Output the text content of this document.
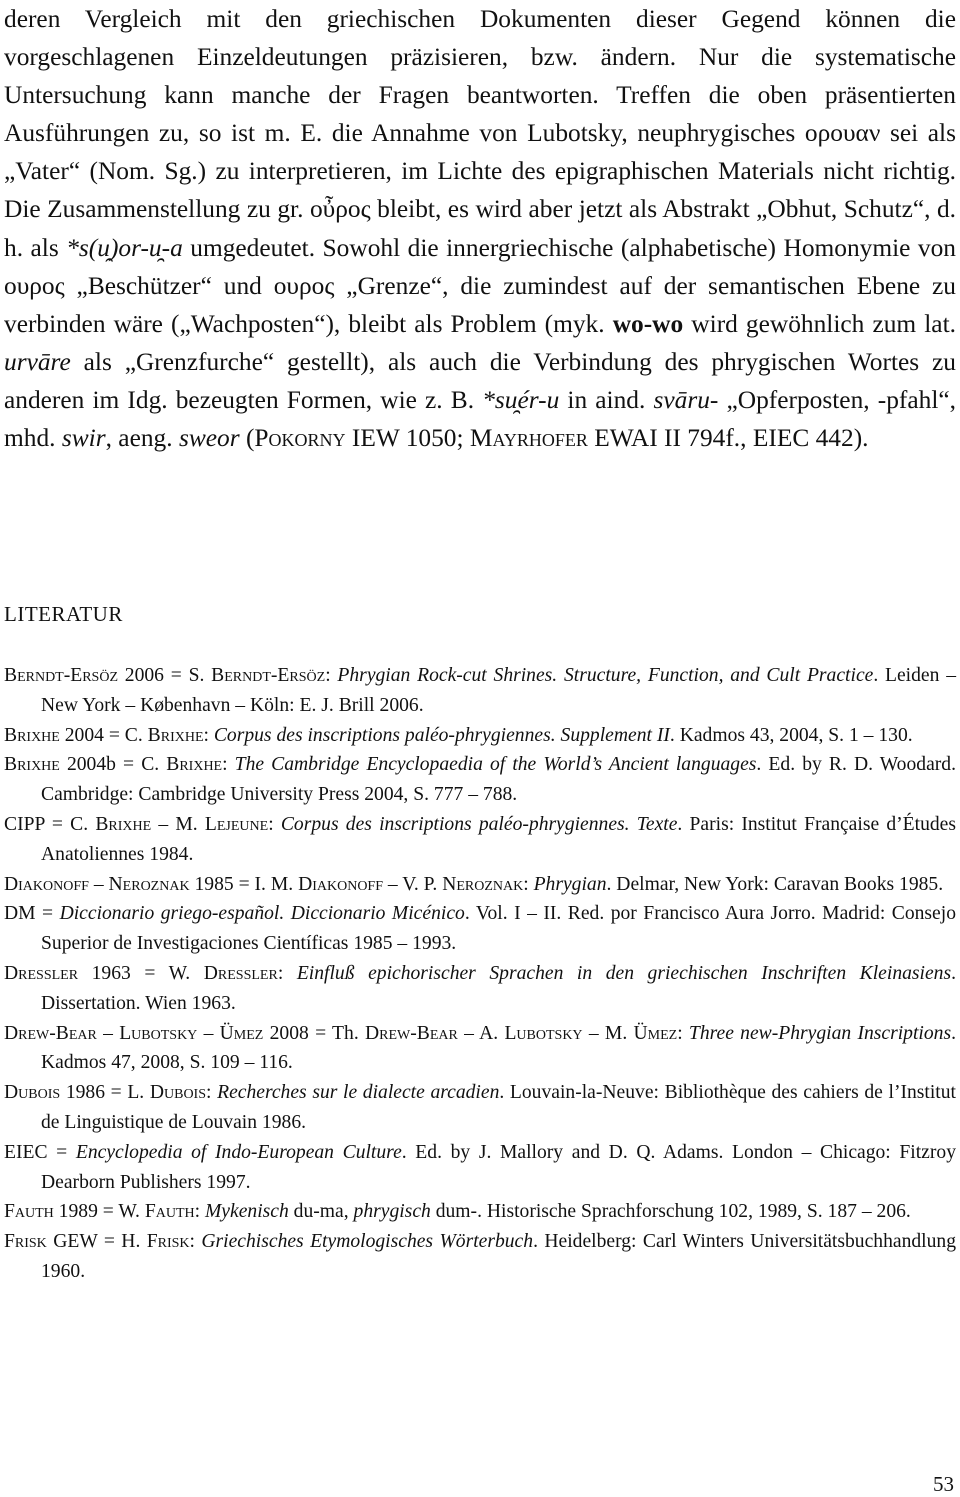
deren Vergleich mit den griechischen Dokumenten dieser Gegend können die vorgeschlagenen Einzeldeutungen präzisieren, bzw. ändern. Nur die systematische Untersuchung kann manche der Fragen beantworten. Treffen die oben präsentierten Ausführungen zu, so ist m. E. die Annahme von Lubotsky, neuphrygisches ορουαν sei als „Vater“ (Nom. Sg.) zu interpretieren, im Lichte des epigraphischen Materials nicht richtig. Die Zusammenstellung zu gr. οὖρος bleibt, es wird aber jetzt als Abstrakt „Obhut, Schutz“, d. h. als *s(u̯)or-u̯-a umgedeutet. Sowohl die innergriechische (alphabetische) Homonymie von ουρος „Beschützer“ und ουρος „Grenze“, die zumindest auf der semantischen Ebene zu verbinden wäre („Wachposten“), bleibt als Problem (myk. wo-wo wird gewöhnlich zum lat. urvāre als „Grenzfurche“ gestellt), als auch die Verbindung des phrygischen Wortes zu anderen im Idg. bezeugten Formen, wie z. B. *su̯ér-u in aind. svāru- „Opferposten, -pfahl“, mhd. swir, aeng. sweor (Pokorny IEW 1050; Mayrhofer EWAI II 794f., EIEC 442).

LITERATUR

Berndt-Ersöz 2006 = S. Berndt-Ersöz: Phrygian Rock-cut Shrines. Structure, Function, and Cult Practice. Leiden – New York – København – Köln: E. J. Brill 2006.

Brixhe 2004 = C. Brixhe: Corpus des inscriptions paléo-phrygiennes. Supplement II. Kadmos 43, 2004, S. 1 – 130.

Brixhe 2004b = C. Brixhe: The Cambridge Encyclopaedia of the World’s Ancient languages. Ed. by R. D. Woodard. Cambridge: Cambridge University Press 2004, S. 777 – 788.

CIPP = C. Brixhe – M. Lejeune: Corpus des inscriptions paléo-phrygiennes. Texte. Paris: Institut Française d’Études Anatoliennes 1984.

Diakonoff – Neroznak 1985 = I. M. Diakonoff – V. P. Neroznak: Phrygian. Delmar, New York: Caravan Books 1985.

DM = Diccionario griego-español. Diccionario Micénico. Vol. I – II. Red. por Francisco Aura Jorro. Madrid: Consejo Superior de Investigaciones Científicas 1985 – 1993.

Dressler 1963 = W. Dressler: Einfluß epichorischer Sprachen in den griechischen Inschriften Kleinasiens. Dissertation. Wien 1963.

Drew-Bear – Lubotsky – Ümez 2008 = Th. Drew-Bear – A. Lubotsky – M. Ümez: Three new-Phrygian Inscriptions. Kadmos 47, 2008, S. 109 – 116.

Dubois 1986 = L. Dubois: Recherches sur le dialecte arcadien. Louvain-la-Neuve: Bibliothèque des cahiers de l’Institut de Linguistique de Louvain 1986.

EIEC = Encyclopedia of Indo-European Culture. Ed. by J. Mallory and D. Q. Adams. London – Chicago: Fitzroy Dearborn Publishers 1997.

Fauth 1989 = W. Fauth: Mykenisch du-ma, phrygisch dum-. Historische Sprachforschung 102, 1989, S. 187 – 206.

Frisk GEW = H. Frisk: Griechisches Etymologisches Wörterbuch. Heidelberg: Carl Winters Universitätsbuchhandlung 1960.

53
